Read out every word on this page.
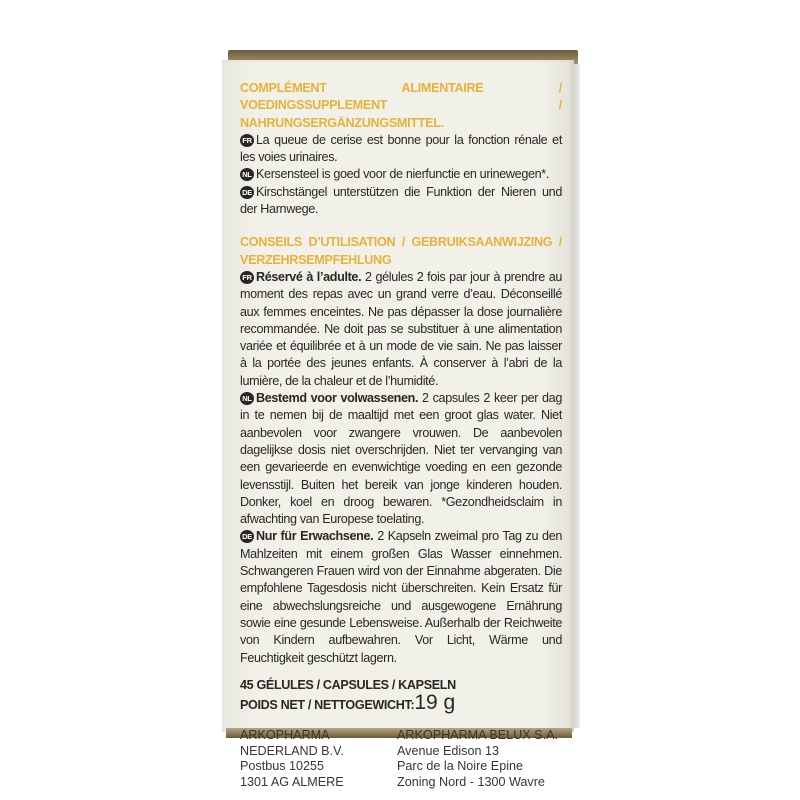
COMPLÉMENT ALIMENTAIRE / VOEDINGSSUPPLEMENT / NAHRUNGSERGÄNZUNGSMITTEL.

FR La queue de cerise est bonne pour la fonction rénale et les voies urinaires.

NL Kersensteel is goed voor de nierfunctie en urinewegen*.

DE Kirschstängel unterstützen die Funktion der Nieren und der Harnwege.

CONSEILS D’UTILISATION / GEBRUIKSAANWIJZING / VERZEHRSEMPFEHLUNG

FR Réservé à l’adulte. 2 gélules 2 fois par jour à prendre au moment des repas avec un grand verre d’eau. Déconseillé aux femmes enceintes. Ne pas dépasser la dose journalière recommandée. Ne doit pas se substituer à une alimentation variée et équilibrée et à un mode de vie sain. Ne pas laisser à la portée des jeunes enfants. À conserver à l’abri de la lumière, de la chaleur et de l’humidité.

NL Bestemd voor volwassenen. 2 capsules 2 keer per dag in te nemen bij de maaltijd met een groot glas water. Niet aanbevolen voor zwangere vrouwen. De aanbevolen dagelijkse dosis niet overschrijden. Niet ter vervanging van een gevarieerde en evenwichtige voeding en een gezonde levensstijl. Buiten het bereik van jonge kinderen houden. Donker, koel en droog bewaren. *Gezondheidsclaim in afwachting van Europese toelating.

DE Nur für Erwachsene. 2 Kapseln zweimal pro Tag zu den Mahlzeiten mit einem großen Glas Wasser einnehmen. Schwangeren Frauen wird von der Einnahme abgeraten. Die empfohlene Tagesdosis nicht überschreiten. Kein Ersatz für eine abwechslungsreiche und ausgewogene Ernährung sowie eine gesunde Lebensweise. Außerhalb der Reichweite von Kindern aufbewahren. Vor Licht, Wärme und Feuchtigkeit geschützt lagern.

45 GÉLULES / CAPSULES / KAPSELN

POIDS NET / NETTOGEWICHT:19 g

ARKOPHARMA
NEDERLAND B.V.
Postbus 10255
1301 AG ALMERE
ARKOPHARMA BELUX S.A.
Avenue Edison 13
Parc de la Noire Epine
Zoning Nord - 1300 Wavre
